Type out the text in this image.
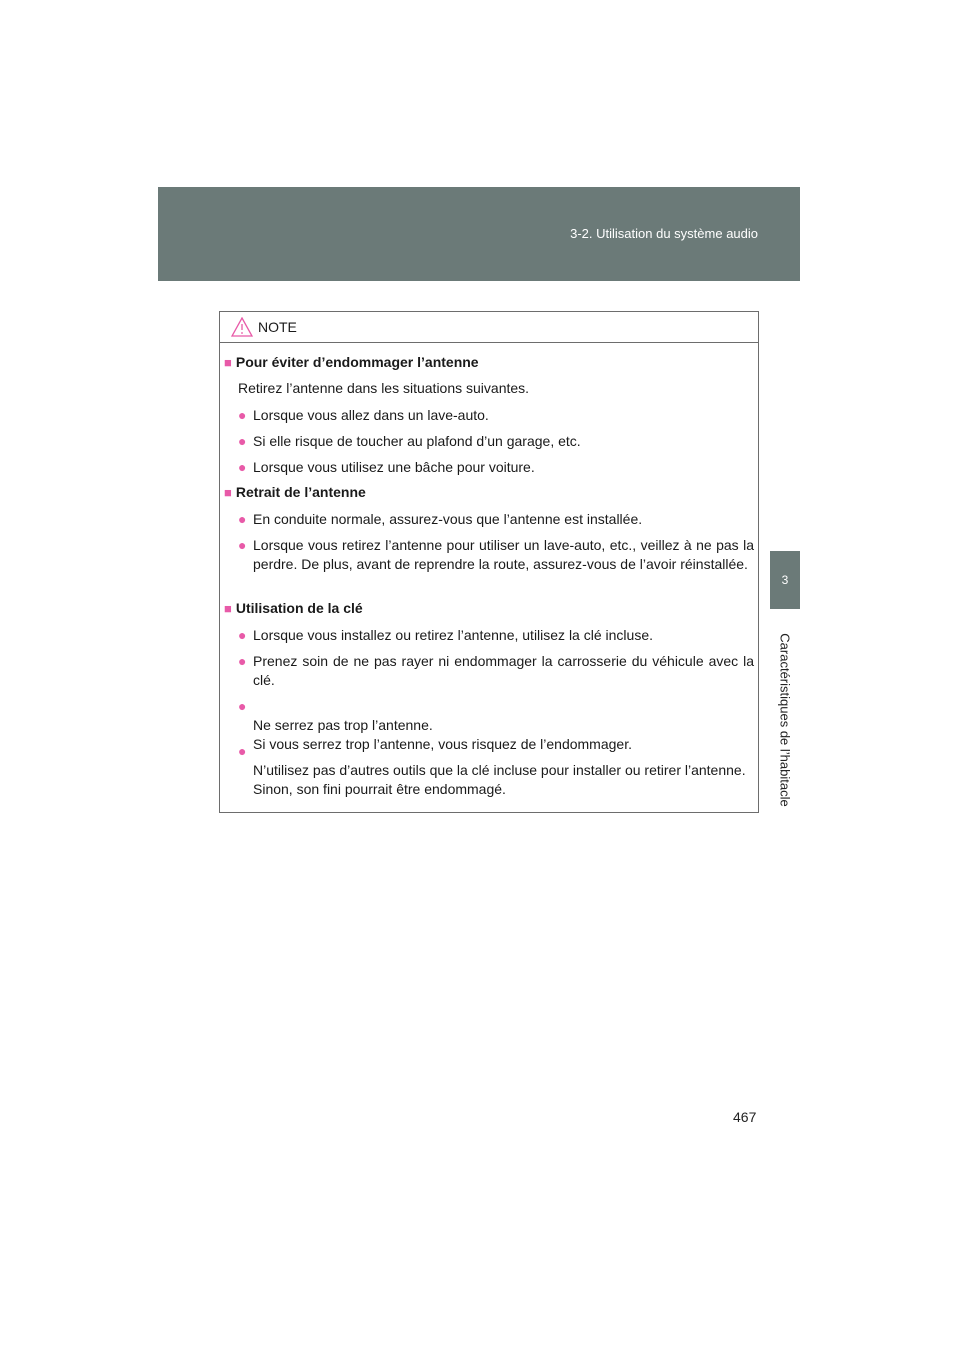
3-2. Utilisation du système audio
3
Caractéristiques de l’habitacle
NOTE
■ Pour éviter d’endommager l’antenne
Retirez l’antenne dans les situations suivantes.
● Lorsque vous allez dans un lave-auto.
● Si elle risque de toucher au plafond d’un garage, etc.
● Lorsque vous utilisez une bâche pour voiture.
■ Retrait de l’antenne
● En conduite normale, assurez-vous que l’antenne est installée.
● Lorsque vous retirez l’antenne pour utiliser un lave-auto, etc., veillez à ne pas la perdre. De plus, avant de reprendre la route, assurez-vous de l’avoir réinstallée.
■ Utilisation de la clé
● Lorsque vous installez ou retirez l’antenne, utilisez la clé incluse.
● Prenez soin de ne pas rayer ni endommager la carrosserie du véhicule avec la clé.

●
Ne serrez pas trop l’antenne.
Si vous serrez trop l’antenne, vous risquez de l’endommager.

●
N’utilisez pas d’autres outils que la clé incluse pour installer ou retirer l’antenne.
Sinon, son fini pourrait être endommagé.

467
